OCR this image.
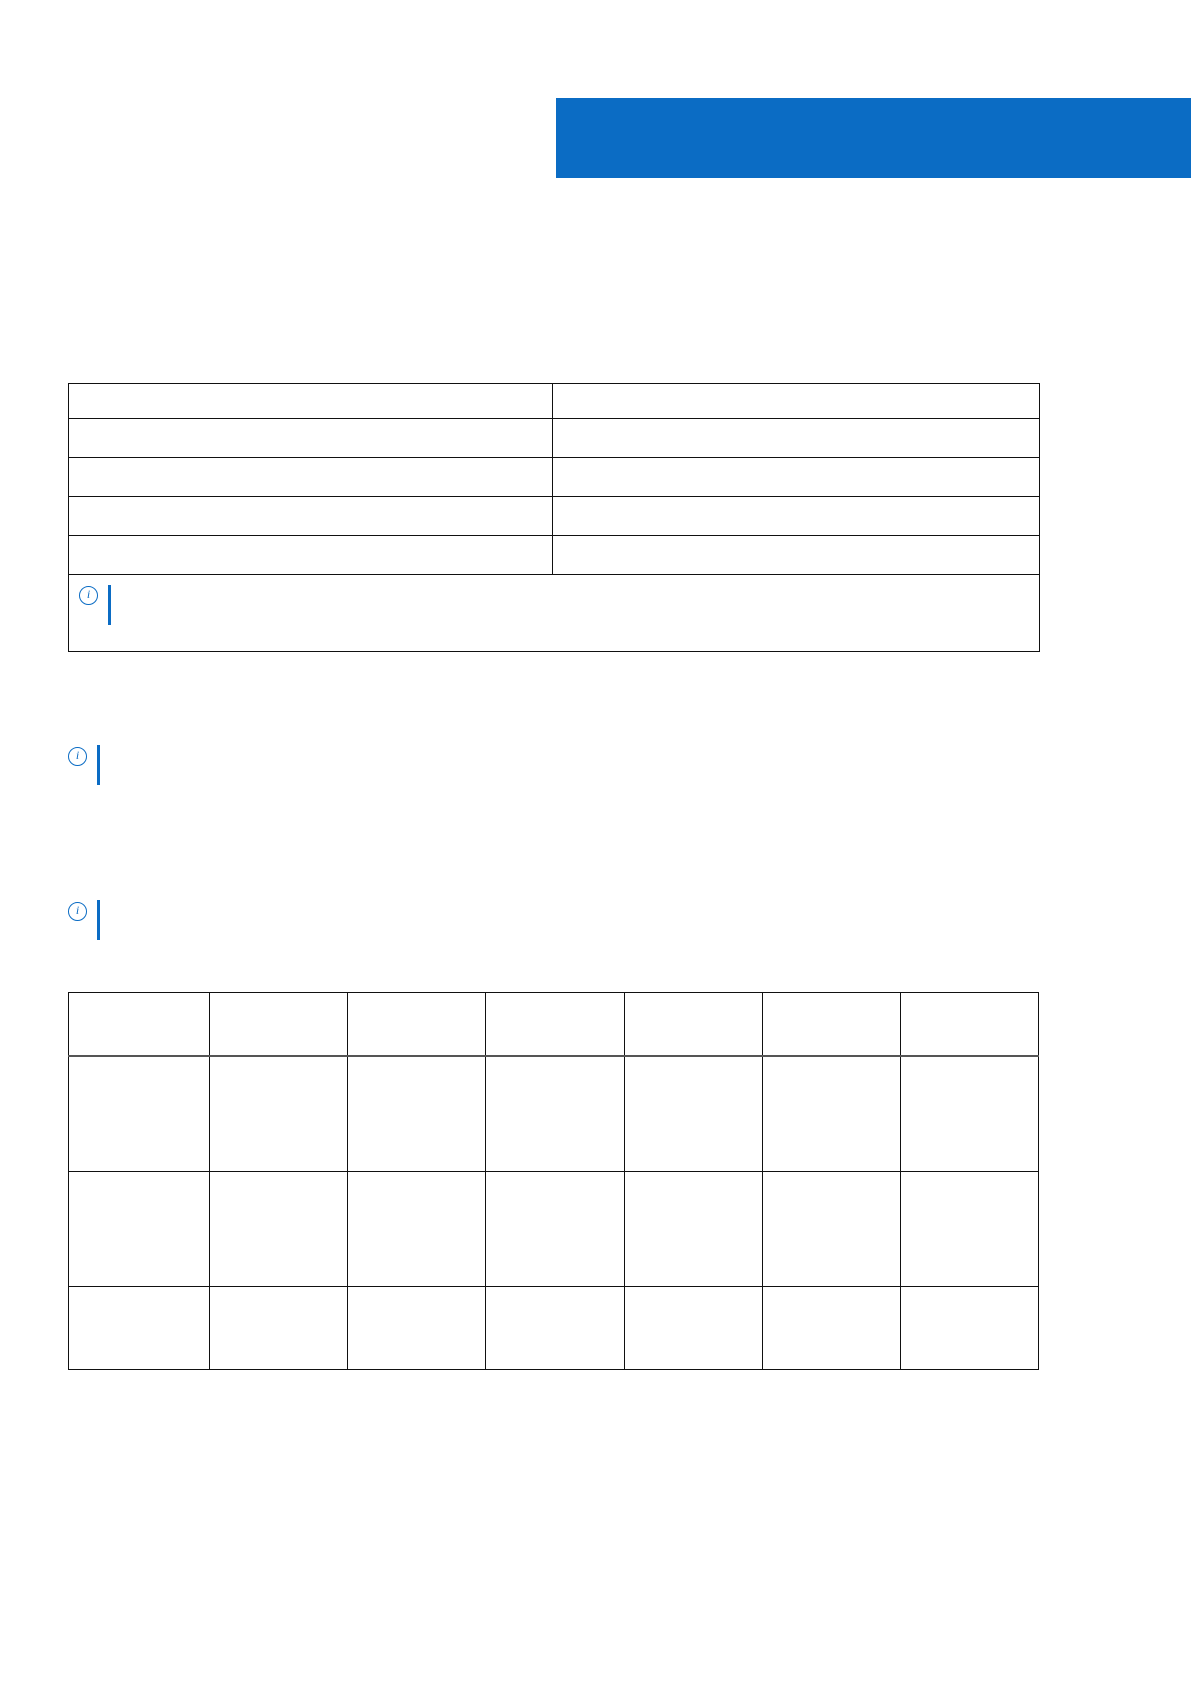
i	
i
i
